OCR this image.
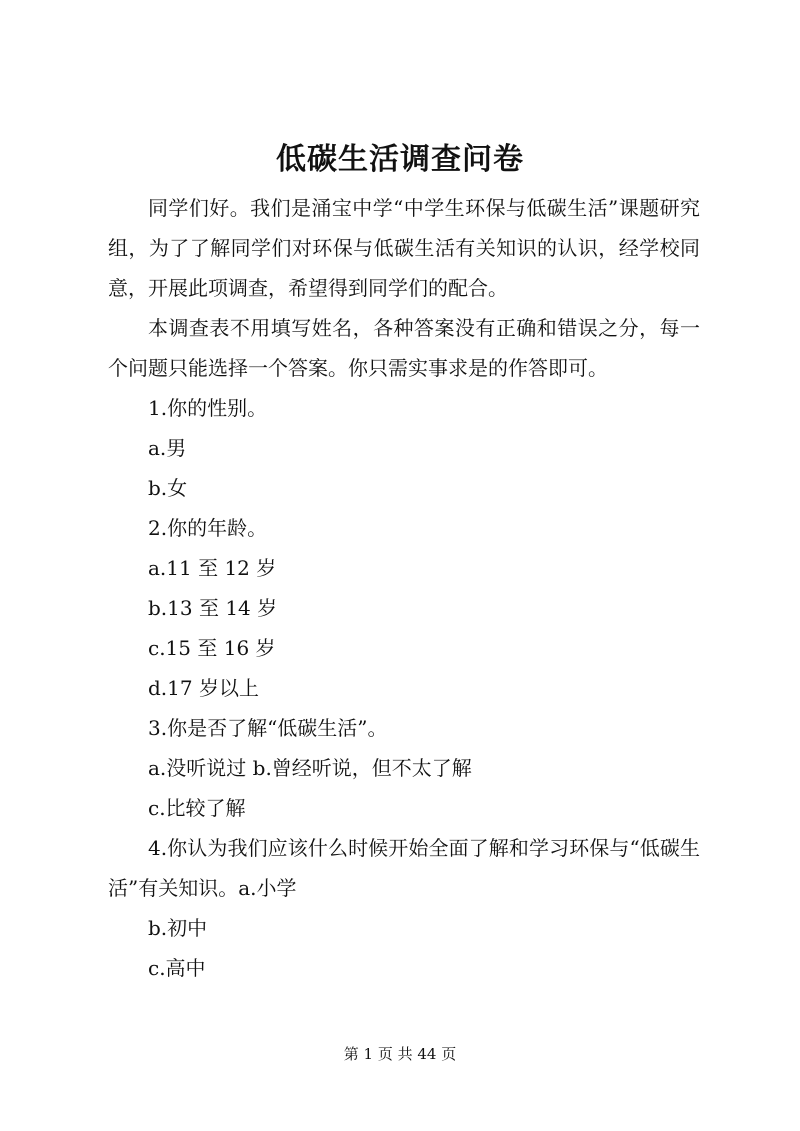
低碳生活调查问卷

同学们好。我们是涌宝中学“中学生环保与低碳生活”课题研究组，为了了解同学们对环保与低碳生活有关知识的认识，经学校同意，开展此项调查，希望得到同学们的配合。

本调查表不用填写姓名，各种答案没有正确和错误之分，每一个问题只能选择一个答案。你只需实事求是的作答即可。

1.你的性别。

a.男

b.女

2.你的年龄。

a.11 至 12 岁

b.13 至 14 岁

c.15 至 16 岁

d.17 岁以上

3.你是否了解“低碳生活”。

a.没听说过 b.曾经听说，但不太了解

c.比较了解

4.你认为我们应该什么时候开始全面了解和学习环保与“低碳生活”有关知识。a.小学

b.初中

c.高中

第 1 页 共 44 页
